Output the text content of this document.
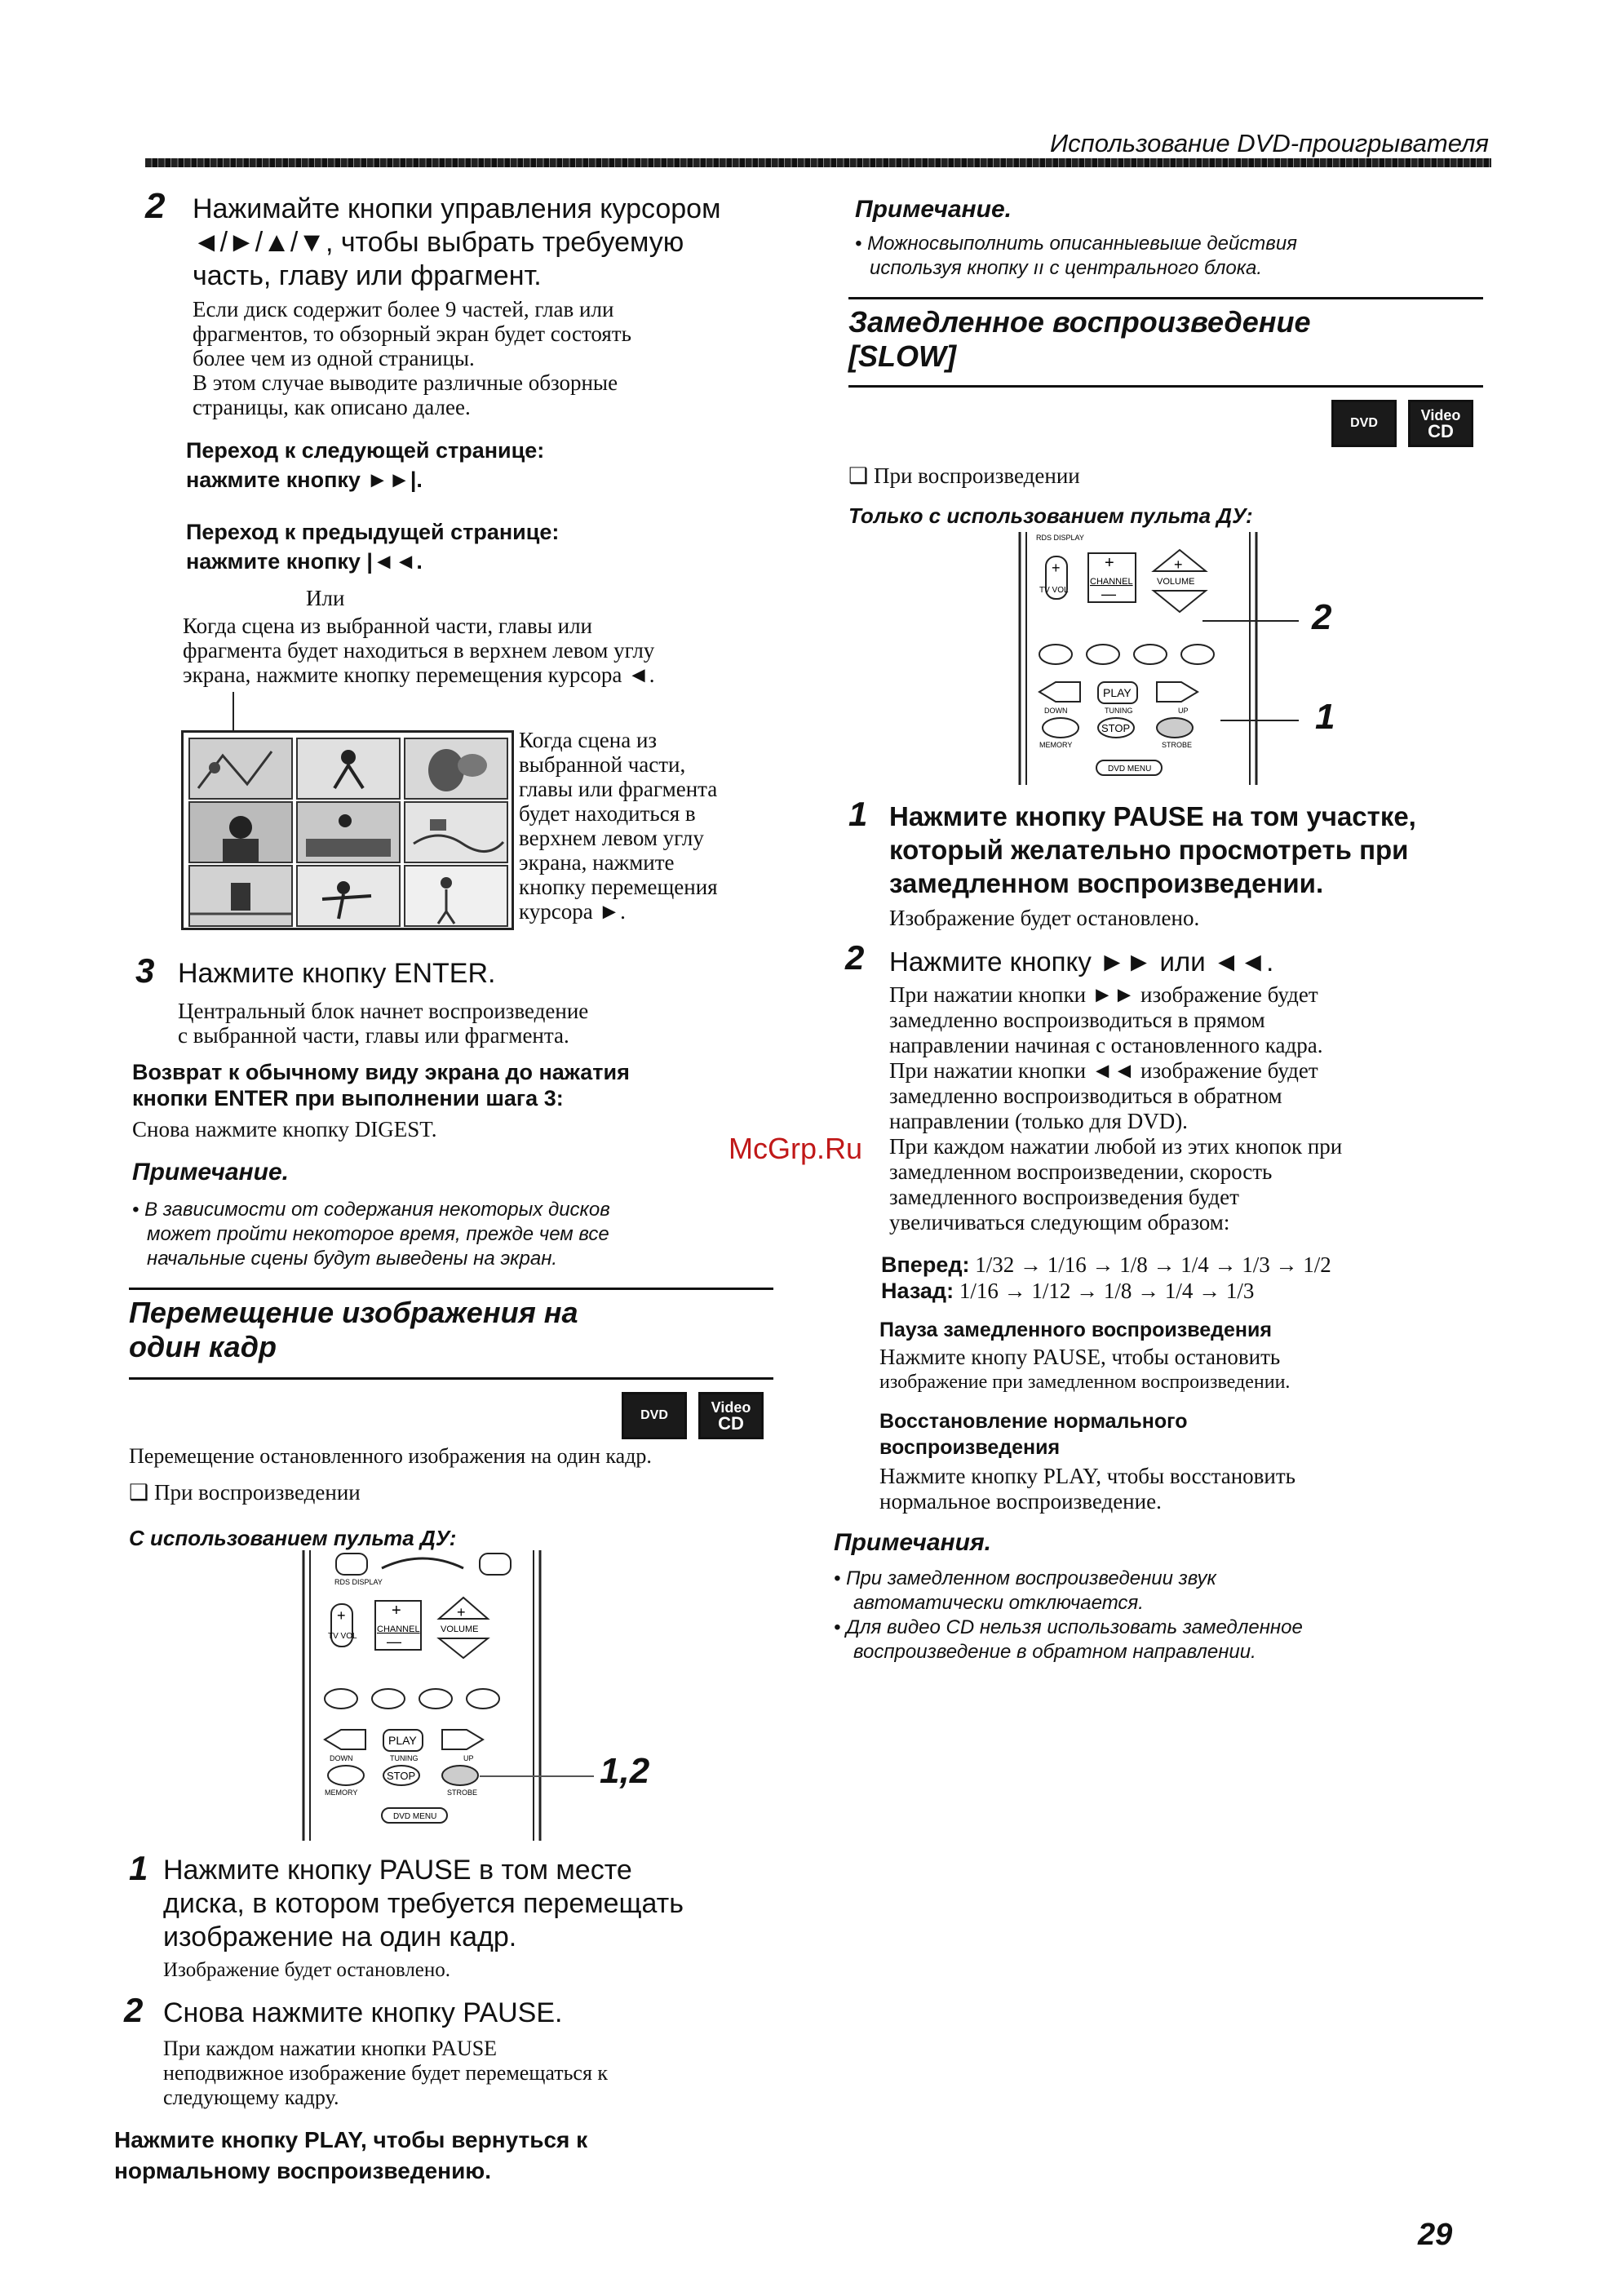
Использование DVD-проигрывателя
2 Нажимайте кнопки управления курсором
◄/►/▲/▼, чтобы выбрать требуемую
часть, главу или фрагмент.
Если диск содержит более 9 частей, глав или
фрагментов, то обзорный экран будет состоять
более чем из одной страницы.
В этом случае выводите различные обзорные
страницы, как описано далее.
Переход к следующей странице:
нажмите кнопку ►►|.
Переход к предыдущей странице:
нажмите кнопку |◄◄.
Или
Когда сцена из выбранной части, главы или
фрагмента будет находиться в верхнем левом углу
экрана, нажмите кнопку перемещения курсора ◄.
Когда сцена из
выбранной части,
главы или фрагмента
будет находиться в
верхнем левом углу
экрана, нажмите
кнопку перемещения
курсора ►.
3 Нажмите кнопку ENTER.
Центральный блок начнет воспроизведение
с выбранной части, главы или фрагмента.
Возврат к обычному виду экрана до нажатия
кнопки ENTER при выполнении шага 3:
Снова нажмите кнопку DIGEST.
Примечание.
• В зависимости от содержания некоторых дисков
может пройти некоторое время, прежде чем все
начальные сцены будут выведены на экран.
Перемещение изображения на
один кадр
DVD	Video
CD
Перемещение остановленного изображения на один кадр.
❑ При воспроизведении
С использованием пульта ДУ:
RDS DISPLAY
+
TV VOL
+
CHANNEL
—
+
VOLUME
PLAY
DOWN	TUNING	UP
STOP
MEMORY	STROBE
DVD MENU
1,2
1 Нажмите кнопку PAUSE в том месте
диска, в котором требуется перемещать
изображение на один кадр.
Изображение будет остановлено.
2 Снова нажмите кнопку PAUSE.
При каждом нажатии кнопки PAUSE
неподвижное изображение будет перемещаться к
следующему кадру.
Нажмите кнопку PLAY, чтобы вернуться к
нормальному воспроизведению.
Примечание.
• Можносвыполнить описанныевыше действия
используя кнопку ıı с центрального блока.
Замедленное воспроизведение
[SLOW]
DVD	Video
CD
❑ При воспроизведении
Только с использованием пульта ДУ:
RDS DISPLAY
+
TV VOL
+
CHANNEL
—
+
VOLUME
PLAY
DOWN	TUNING	UP
STOP
MEMORY	STROBE
DVD MENU
2
1
1 Нажмите кнопку PAUSE на том участке,
который желательно просмотреть при
замедленном воспроизведении.
Изображение будет остановлено.
2 Нажмите кнопку ►► или ◄◄.
При нажатии кнопки ►► изображение будет
замедленно воспроизводиться в прямом
направлении начиная с остановленного кадра.
При нажатии кнопки ◄◄ изображение будет
замедленно воспроизводиться в обратном
направлении (только для DVD).
При каждом нажатии любой из этих кнопок при
замедленном воспроизведении, скорость
замедленного воспроизведения будет
увеличиваться следующим образом:
Вперед: 1/32 → 1/16 → 1/8 → 1/4 → 1/3 → 1/2
Назад: 1/16 → 1/12 → 1/8 → 1/4 → 1/3
Пауза замедленного воспроизведения
Нажмите кнопу PAUSE, чтобы остановить
изображение при замедленном воспроизведении.
Восстановление нормального
воспроизведения
Нажмите кнопку PLAY, чтобы восстановить
нормальное воспроизведение.
Примечания.
• При замедленном воспроизведении звук
автоматически отключается.
• Для видео CD нельзя использовать замедленное
воспроизведение в обратном направлении.
McGrp.Ru
29
